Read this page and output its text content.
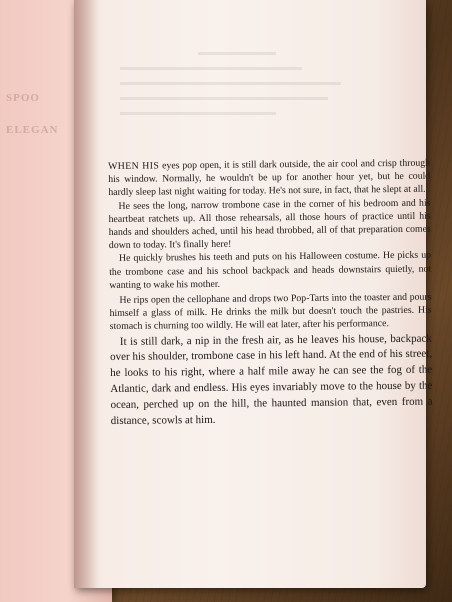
SPOO
ELEGAN

WHEN HIS eyes pop open, it is still dark outside, the air cool and crisp through his window. Normally, he wouldn't be up for another hour yet, but he could hardly sleep last night waiting for today. He's not sure, in fact, that he slept at all.

He sees the long, narrow trombone case in the corner of his bedroom and his heartbeat ratchets up. All those rehearsals, all those hours of practice until his hands and shoulders ached, until his head throbbed, all of that preparation comes down to today. It's finally here!

He quickly brushes his teeth and puts on his Halloween costume. He picks up the trombone case and his school backpack and heads downstairs quietly, not wanting to wake his mother.

He rips open the cellophane and drops two Pop-Tarts into the toaster and pours himself a glass of milk. He drinks the milk but doesn't touch the pastries. His stomach is churning too wildly. He will eat later, after his performance.

It is still dark, a nip in the fresh air, as he leaves his house, backpack over his shoulder, trombone case in his left hand. At the end of his street, he looks to his right, where a half mile away he can see the fog of the Atlantic, dark and endless. His eyes invariably move to the house by the ocean, perched up on the hill, the haunted mansion that, even from a distance, scowls at him.
